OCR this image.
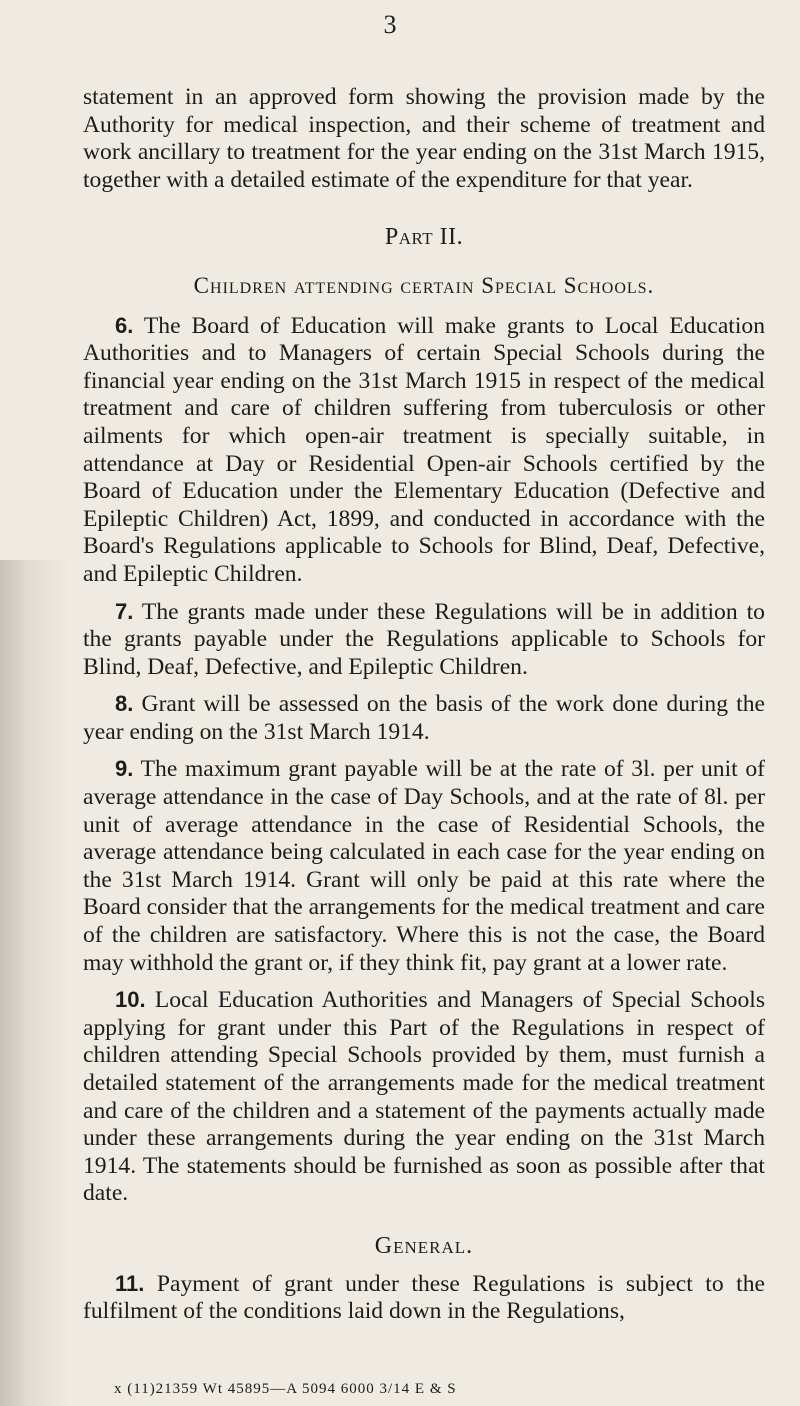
3

statement in an approved form showing the provision made by the Authority for medical inspection, and their scheme of treatment and work ancillary to treatment for the year ending on the 31st March 1915, together with a detailed estimate of the expenditure for that year.

Part II.

Children attending certain Special Schools.

6. The Board of Education will make grants to Local Education Authorities and to Managers of certain Special Schools during the financial year ending on the 31st March 1915 in respect of the medical treatment and care of children suffering from tuberculosis or other ailments for which open-air treatment is specially suitable, in attendance at Day or Residential Open-air Schools certified by the Board of Education under the Elementary Education (Defective and Epileptic Children) Act, 1899, and conducted in accordance with the Board's Regulations applicable to Schools for Blind, Deaf, Defective, and Epileptic Children.

7. The grants made under these Regulations will be in addition to the grants payable under the Regulations applicable to Schools for Blind, Deaf, Defective, and Epileptic Children.

8. Grant will be assessed on the basis of the work done during the year ending on the 31st March 1914.

9. The maximum grant payable will be at the rate of 3l. per unit of average attendance in the case of Day Schools, and at the rate of 8l. per unit of average attendance in the case of Residential Schools, the average attendance being calculated in each case for the year ending on the 31st March 1914. Grant will only be paid at this rate where the Board consider that the arrangements for the medical treatment and care of the children are satisfactory. Where this is not the case, the Board may withhold the grant or, if they think fit, pay grant at a lower rate.

10. Local Education Authorities and Managers of Special Schools applying for grant under this Part of the Regulations in respect of children attending Special Schools provided by them, must furnish a detailed statement of the arrangements made for the medical treatment and care of the children and a statement of the payments actually made under these arrangements during the year ending on the 31st March 1914. The statements should be furnished as soon as possible after that date.

General.

11. Payment of grant under these Regulations is subject to the fulfilment of the conditions laid down in the Regulations,

x (11)21359 Wt 45895—A 5094 6000 3/14 E & S
